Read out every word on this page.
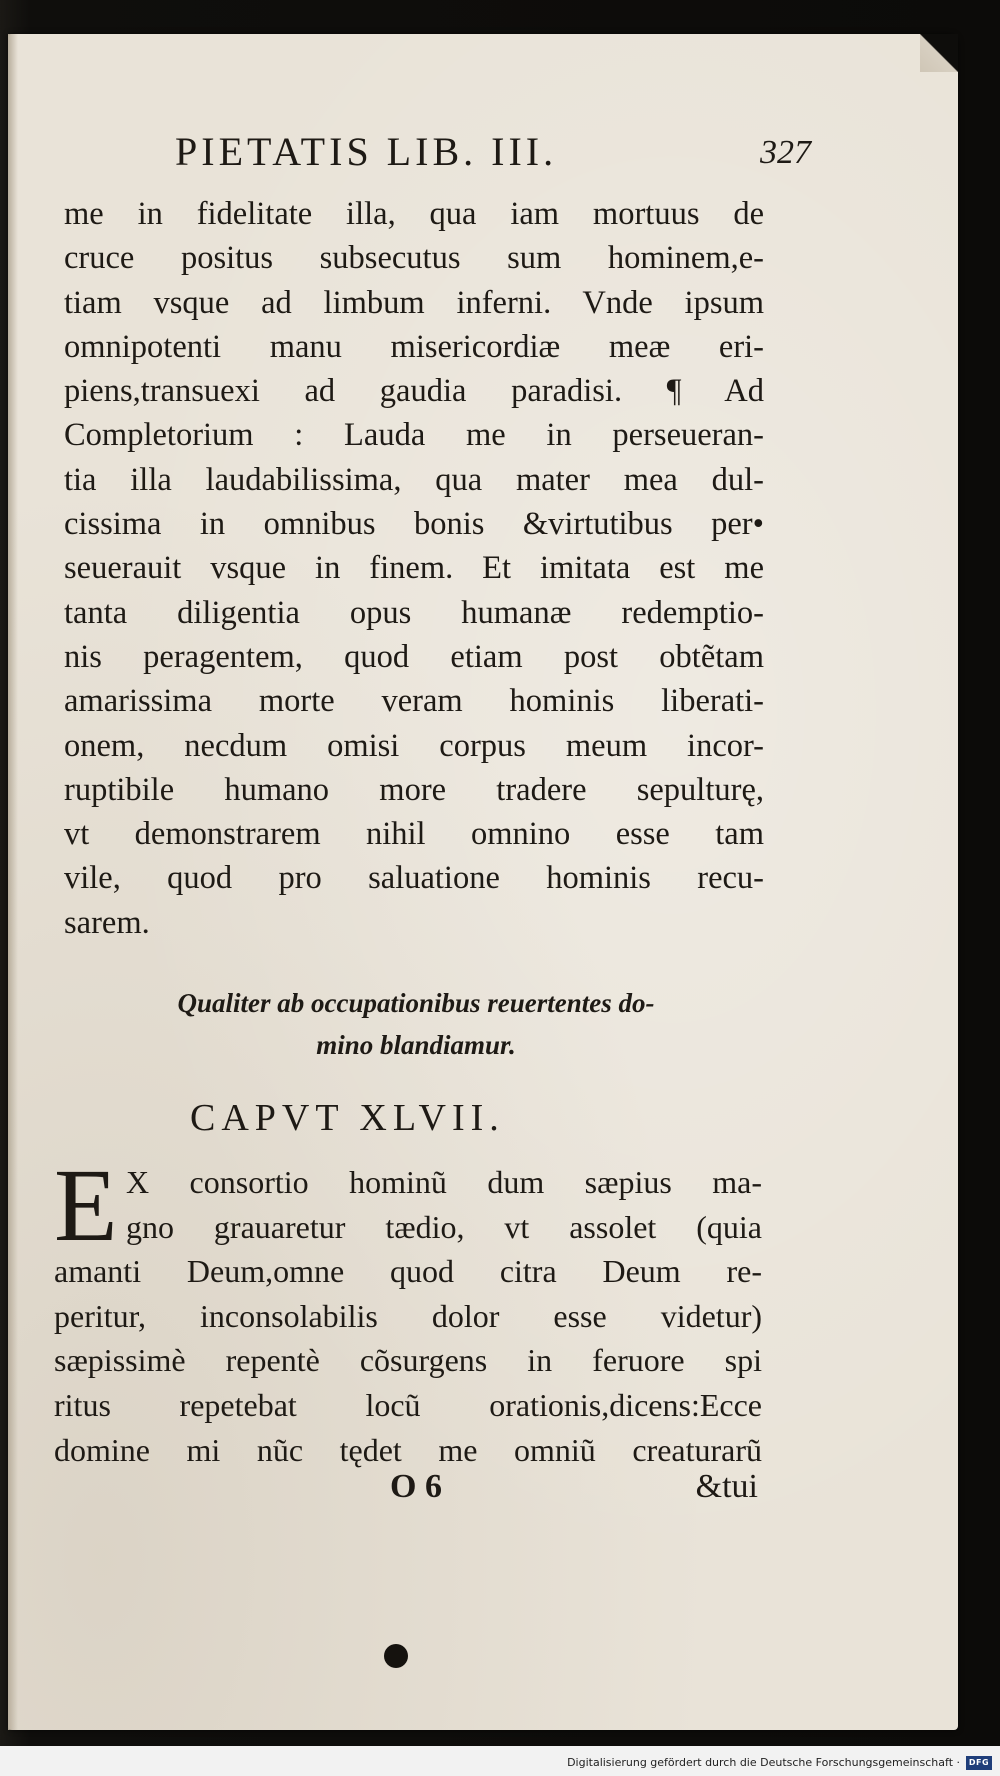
PIETATIS LIB. III.	327
me in fidelitate illa, qua iam mortuus de
cruce positus subsecutus sum hominem,e-
tiam vsque ad limbum inferni. Vnde ipsum
omnipotenti manu misericordiæ meæ eri-
piens,transuexi ad gaudia paradisi. ¶ Ad
Completorium : Lauda me in perseueran-
tia illa laudabilissima, qua mater mea dul-
cissima in omnibus bonis &virtutibus per•
seuerauit vsque in finem. Et imitata est me
tanta diligentia opus humanæ redemptio-
nis peragentem, quod etiam post obtẽtam
amarissima morte veram hominis liberati-
onem, necdum omisi corpus meum incor-
ruptibile humano more tradere sepulturę,
vt demonstrarem nihil omnino esse tam
vile, quod pro saluatione hominis recu-
sarem.
Qualiter ab occupationibus reuertentes do-
mino blandiamur.
CAPVT XLVII.
E X consortio hominũ dum sæpius ma-
gno grauaretur tædio, vt assolet (quia
amanti Deum,omne quod citra Deum re-
peritur, inconsolabilis dolor esse videtur)
sæpissimè repentè cõsurgens in feruore spi
ritus repetebat locũ orationis,dicens:Ecce
domine mi nũc tędet me omniũ creaturarũ
O 6	&tui
Digitalisierung gefördert durch die Deutsche Forschungsgemeinschaft ·	DFG
